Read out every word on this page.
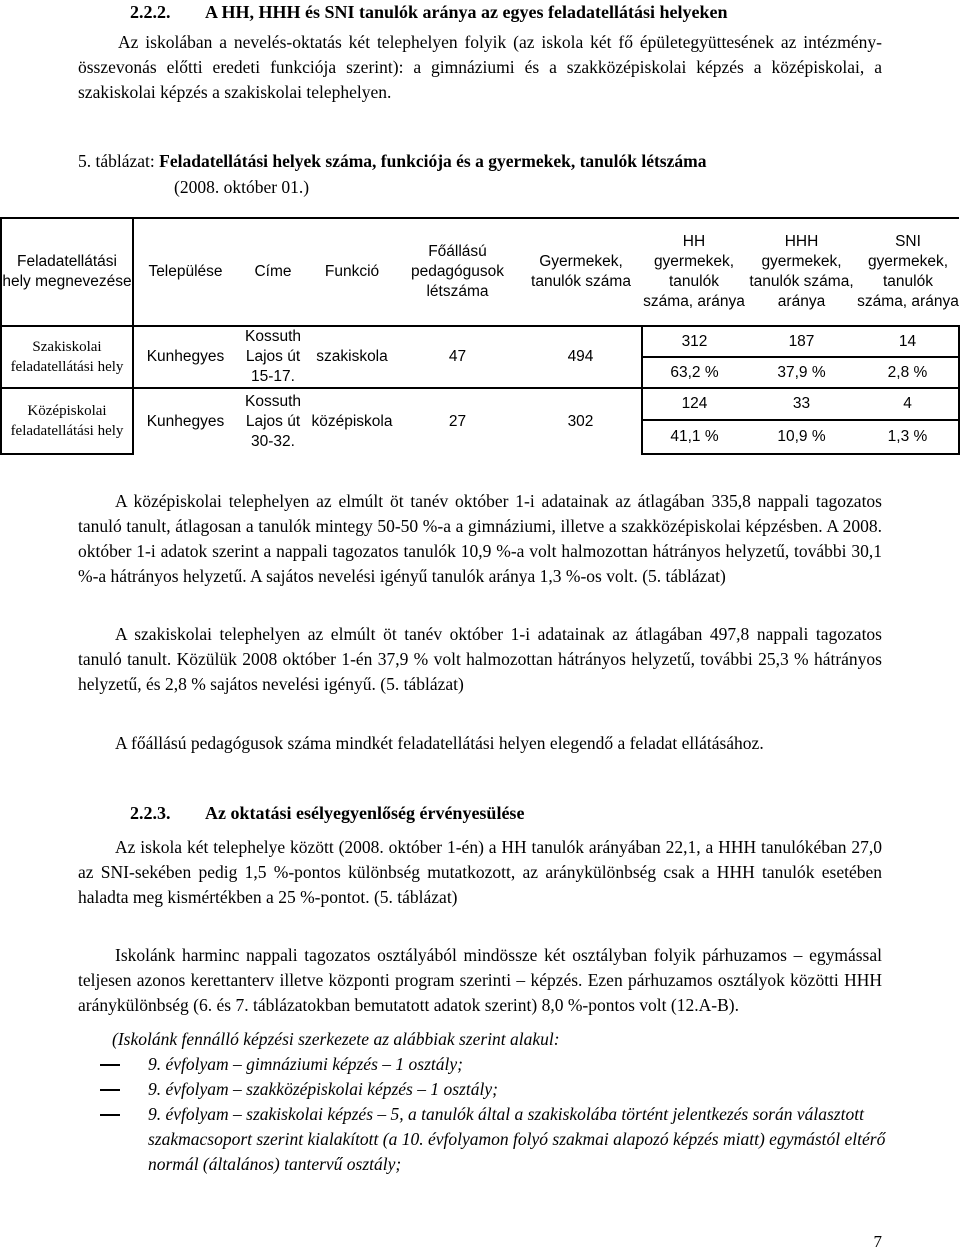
2.2.2. A HH, HHH és SNI tanulók aránya az egyes feladatellátási helyeken
Az iskolában a nevelés-oktatás két telephelyen folyik (az iskola két fő épületegyüttesének az intézmény-összevonás előtti eredeti funkciója szerint): a gimnáziumi és a szakközépiskolai képzés a középiskolai, a szakiskolai képzés a szakiskolai telephelyen.
5. táblázat: Feladatellátási helyek száma, funkciója és a gyermekek, tanulók létszáma
(2008. október 01.)
Feladatellátási hely megnevezése	Települése	Címe	Funkció	Főállású pedagógusok létszáma	Gyermekek, tanulók száma	HH gyermekek, tanulók száma, aránya	HHH gyermekek, tanulók száma, aránya	SNI gyermekek, tanulók száma, aránya
Szakiskolai feladatellátási hely	Kunhegyes	Kossuth Lajos út 15-17.	szakiskola	47	494	312	187	14
						63,2 %	37,9 %	2,8 %
Középiskolai feladatellátási hely	Kunhegyes	Kossuth Lajos út 30-32.	középiskola	27	302	124	33	4
						41,1 %	10,9 %	1,3 %
A középiskolai telephelyen az elmúlt öt tanév október 1-i adatainak az átlagában 335,8 nappali tagozatos tanuló tanult, átlagosan a tanulók mintegy 50-50 %-a a gimnáziumi, illetve a szakközépiskolai képzésben. A 2008. október 1-i adatok szerint a nappali tagozatos tanulók 10,9 %-a volt halmozottan hátrányos helyzetű, további 30,1 %-a hátrányos helyzetű. A sajátos nevelési igényű tanulók aránya 1,3 %-os volt. (5. táblázat)
A szakiskolai telephelyen az elmúlt öt tanév október 1-i adatainak az átlagában 497,8 nappali tagozatos tanuló tanult. Közülük 2008 október 1-én 37,9 % volt halmozottan hátrányos helyzetű, további 25,3 % hátrányos helyzetű, és 2,8 % sajátos nevelési igényű. (5. táblázat)
A főállású pedagógusok száma mindkét feladatellátási helyen elegendő a feladat ellátásához.
2.2.3. Az oktatási esélyegyenlőség érvényesülése
Az iskola két telephelye között (2008. október 1-én) a HH tanulók arányában 22,1, a HHH tanulókéban 27,0 az SNI-sekében pedig 1,5 %-pontos különbség mutatkozott, az aránykülönbség csak a HHH tanulók esetében haladta meg kismértékben a 25 %-pontot. (5. táblázat)
Iskolánk harminc nappali tagozatos osztályából mindössze két osztályban folyik párhuzamos – egymással teljesen azonos kerettanterv illetve központi program szerinti – képzés. Ezen párhuzamos osztályok közötti HHH aránykülönbség (6. és 7. táblázatokban bemutatott adatok szerint) 8,0 %-pontos volt (12.A-B).
(Iskolánk fennálló képzési szerkezete az alábbiak szerint alakul:
9. évfolyam – gimnáziumi képzés – 1 osztály;
9. évfolyam – szakközépiskolai képzés – 1 osztály;
9. évfolyam – szakiskolai képzés – 5, a tanulók által a szakiskolába történt jelentkezés során választott szakmacsoport szerint kialakított (a 10. évfolyamon folyó szakmai alapozó képzés miatt) egymástól eltérő normál (általános) tantervű osztály;
7
